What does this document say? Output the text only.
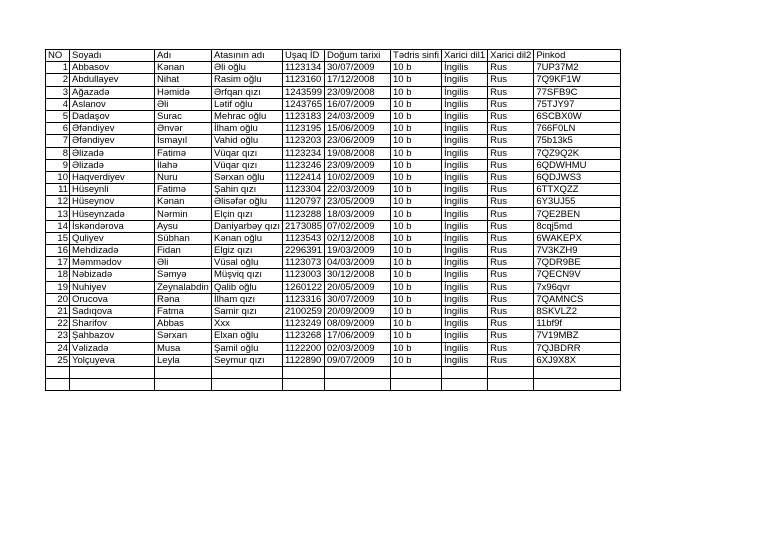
NO	Soyadı	Adı	Atasının adı	Uşaq İD	Doğum tarixi	Tədris sinfi	Xarici dil1	Xarici dil2	Pinkod
1	Abbasov	Kənan	Əli oğlu	1123134	30/07/2009	10 b	İngilis	Rus	7UP37M2
2	Abdullayev	Nihat	Rasim oğlu	1123160	17/12/2008	10 b	İngilis	Rus	7Q9KF1W
3	Ağazadə	Həmidə	Ərfqan qızı	1243599	23/09/2008	10 b	İngilis	Rus	77SFB9C
4	Aslanov	Əli	Lətif oğlu	1243765	16/07/2009	10 b	İngilis	Rus	75TJY97
5	Dadaşov	Surac	Mehrac oğlu	1123183	24/03/2009	10 b	İngilis	Rus	6SCBX0W
6	Əfəndiyev	Ənvər	İlham oğlu	1123195	15/06/2009	10 b	İngilis	Rus	766F0LN
7	Əfəndiyev	İsmayıl	Vahid oğlu	1123203	23/06/2009	10 b	İngilis	Rus	75b13k5
8	Əlizadə	Fatimə	Vüqar qızı	1123234	19/08/2008	10 b	İngilis	Rus	7QZ9Q2K
9	Əlizadə	İlahə	Vüqar qızı	1123246	23/09/2009	10 b	İngilis	Rus	6QDWHMU
10	Haqverdiyev	Nuru	Sərxan oğlu	1122414	10/02/2009	10 b	İngilis	Rus	6QDJWS3
11	Hüseynli	Fatimə	Şahin qızı	1123304	22/03/2009	10 b	İngilis	Rus	6TTXQZZ
12	Hüseynov	Kənan	Əlisəfər oğlu	1120797	23/05/2009	10 b	İngilis	Rus	6Y3UJ55
13	Hüseynzadə	Nərmin	Elçin qızı	1123288	18/03/2009	10 b	İngilis	Rus	7QE2BEN
14	İskəndərova	Aysu	Daniyarbəy qızı	2173085	07/02/2009	10 b	İngilis	Rus	8cqj5md
15	Quliyev	Sübhan	Kənan oğlu	1123543	02/12/2008	10 b	İngilis	Rus	6WAKEPX
16	Mehdizadə	Fidan	Elgiz qızı	2296391	19/03/2009	10 b	İngilis	Rus	7V3KZH9
17	Məmmədov	Əli	Vüsal oğlu	1123073	04/03/2009	10 b	İngilis	Rus	7QDR9BE
18	Nəbizadə	Səmyə	Müşviq qızı	1123003	30/12/2008	10 b	İngilis	Rus	7QECN9V
19	Nuhiyev	Zeynalabdin	Qalib oğlu	1260122	20/05/2009	10 b	İngilis	Rus	7x96qvr
20	Orucova	Rəna	İlham qızı	1123316	30/07/2009	10 b	İngilis	Rus	7QAMNCS
21	Sadıqova	Fatma	Samir qızı	2100259	20/09/2009	10 b	İngilis	Rus	8SKVLZ2
22	Sharifov	Abbas	Xxx	1123249	08/09/2009	10 b	İngilis	Rus	11bf9f
23	Şahbazov	Sərxan	Elxan oğlu	1123268	17/06/2009	10 b	İngilis	Rus	7V19MBZ
24	Vəlizadə	Musa	Şamil oğlu	1122200	02/03/2009	10 b	İngilis	Rus	7QJBDRR
25	Yolçuyeva	Leyla	Seymur qızı	1122890	09/07/2009	10 b	İngilis	Rus	6XJ9X8X
